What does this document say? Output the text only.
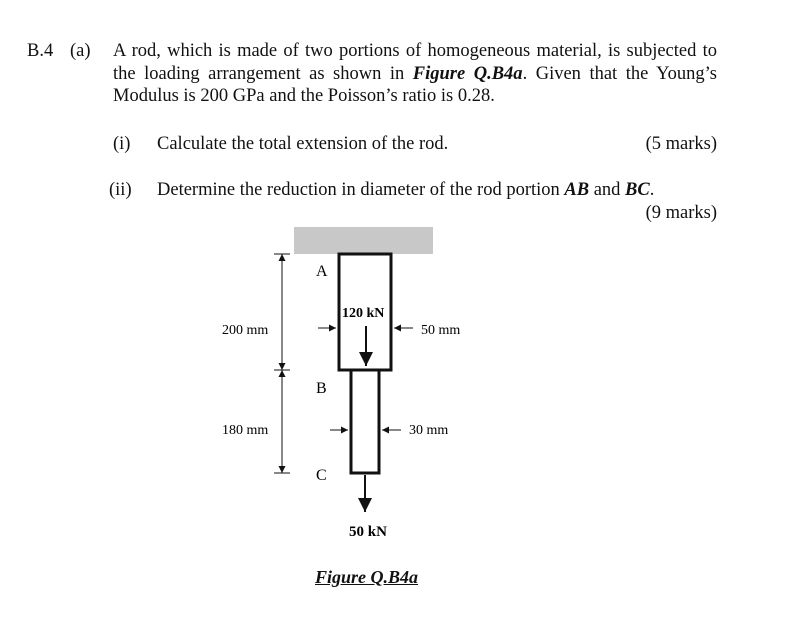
B.4 (a) A rod, which is made of two portions of homogeneous material, is subjected to the loading arrangement as shown in Figure Q.B4a. Given that the Young’s Modulus is 200 GPa and the Poisson’s ratio is 0.28.
(i) Calculate the total extension of the rod.	(5 marks)
(ii) Determine the reduction in diameter of the rod portion AB and BC.
(9 marks)
A
B
C
200 mm
180 mm
50 mm
30 mm
120 kN
50 kN
Figure Q.B4a
